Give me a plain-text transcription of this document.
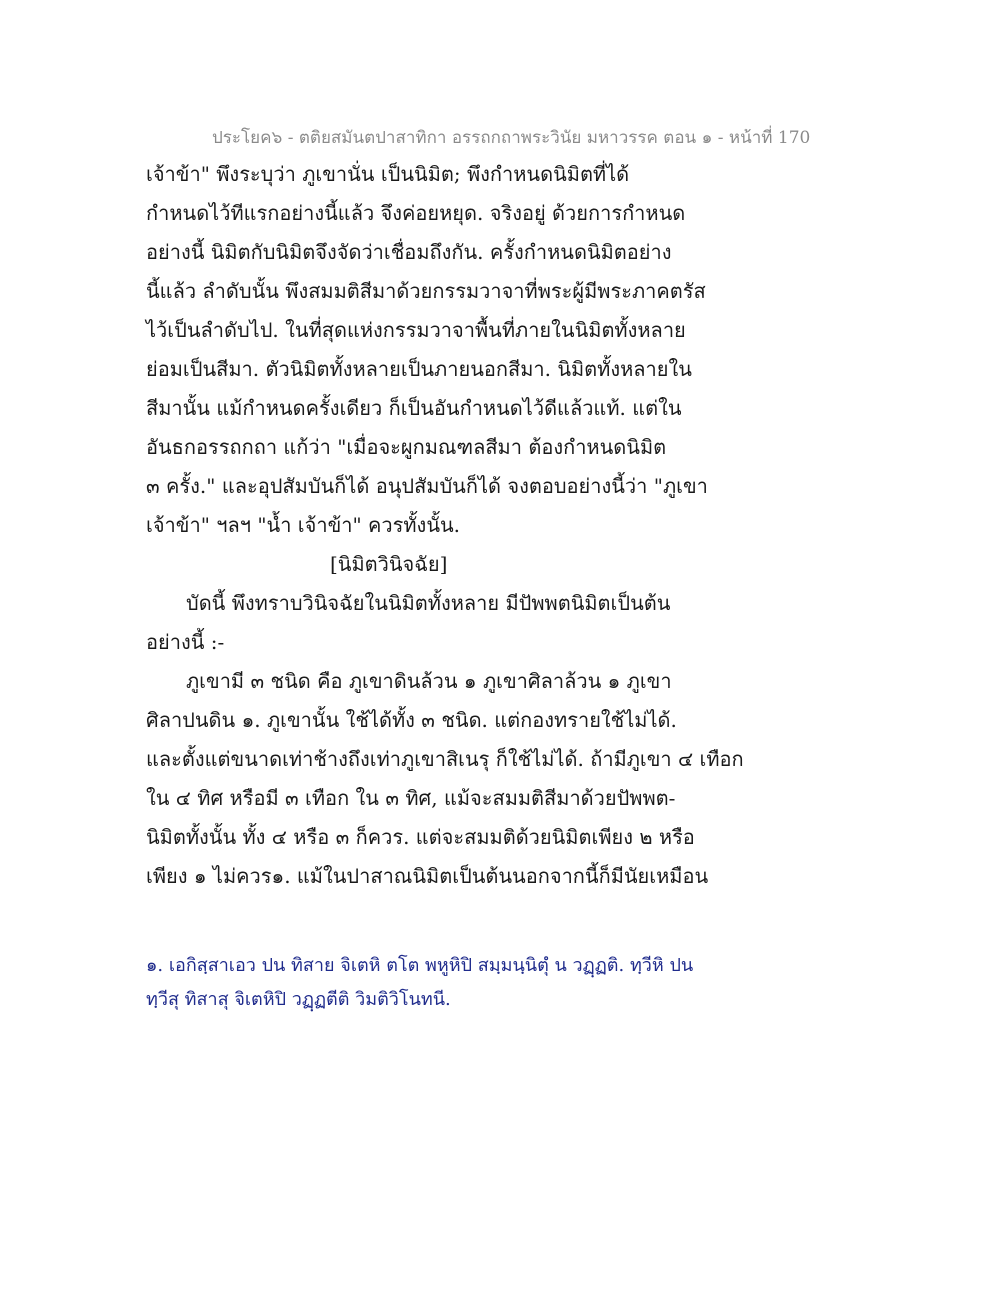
ประโยค๖ - ตติยสมันตปาสาทิกา อรรถกถาพระวินัย มหาวรรค ตอน ๑ - หน้าที่ 170
เจ้าข้า" พึงระบุว่า ภูเขานั่น เป็นนิมิต; พึงกำหนดนิมิตที่ได้
กำหนดไว้ทีแรกอย่างนี้แล้ว จึงค่อยหยุด. จริงอยู่ ด้วยการกำหนด
อย่างนี้ นิมิตกับนิมิตจึงจัดว่าเชื่อมถึงกัน. ครั้งกำหนดนิมิตอย่าง
นี้แล้ว ลำดับนั้น พึงสมมติสีมาด้วยกรรมวาจาที่พระผู้มีพระภาคตรัส
ไว้เป็นลำดับไป. ในที่สุดแห่งกรรมวาจาพื้นที่ภายในนิมิตทั้งหลาย
ย่อมเป็นสีมา. ตัวนิมิตทั้งหลายเป็นภายนอกสีมา. นิมิตทั้งหลายใน
สีมานั้น แม้กำหนดครั้งเดียว ก็เป็นอันกำหนดไว้ดีแล้วแท้. แต่ใน
อันธกอรรถกถา แก้ว่า "เมื่อจะผูกมณฑลสีมา ต้องกำหนดนิมิต
๓ ครั้ง." และอุปสัมบันก็ได้ อนุปสัมบันก็ได้ จงตอบอย่างนี้ว่า "ภูเขา
เจ้าข้า" ฯลฯ "น้ำ เจ้าข้า" ควรทั้งนั้น.
[นิมิตวินิจฉัย]
บัดนี้ พึงทราบวินิจฉัยในนิมิตทั้งหลาย มีปัพพตนิมิตเป็นต้น
อย่างนี้ :-
ภูเขามี ๓ ชนิด คือ ภูเขาดินล้วน ๑ ภูเขาศิลาล้วน ๑ ภูเขา
ศิลาปนดิน ๑. ภูเขานั้น ใช้ได้ทั้ง ๓ ชนิด. แต่กองทรายใช้ไม่ได้.
และตั้งแต่ขนาดเท่าช้างถึงเท่าภูเขาสิเนรุ ก็ใช้ไม่ได้. ถ้ามีภูเขา ๔ เทือก
ใน ๔ ทิศ หรือมี ๓ เทือก ใน ๓ ทิศ, แม้จะสมมติสีมาด้วยปัพพต-
นิมิตทั้งนั้น ทั้ง ๔ หรือ ๓ ก็ควร. แต่จะสมมติด้วยนิมิตเพียง ๒ หรือ
เพียง ๑ ไม่ควร๑. แม้ในปาสาณนิมิตเป็นต้นนอกจากนี้ก็มีนัยเหมือน
๑. เอกิสฺสาเอว ปน ทิสาย จิเตหิ ตโต พหูหิปิ สมฺมนฺนิตุํ น วฏฺฏติ. ทฺวีหิ ปน
ทฺวีสุ ทิสาสุ จิเตหิปิ วฏฺฏตีติ วิมติวิโนทนี.
